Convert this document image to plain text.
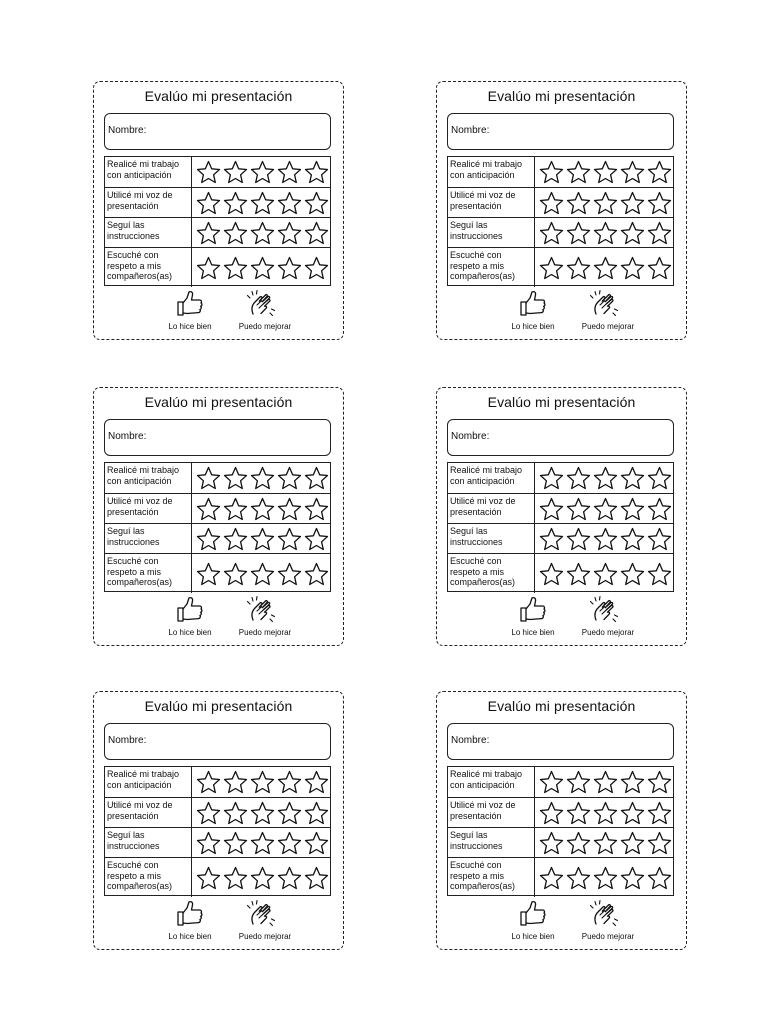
Evalúo mi presentación
Nombre:
Realicé mi trabajo con anticipación
Utilicé mi voz de presentación
Seguí las instrucciones
Escuché con respeto a mis compañeros(as)
Lo hice bien	Puedo mejorar
Evalúo mi presentación
Nombre:
Realicé mi trabajo con anticipación
Utilicé mi voz de presentación
Seguí las instrucciones
Escuché con respeto a mis compañeros(as)
Lo hice bien	Puedo mejorar
Evalúo mi presentación
Nombre:
Realicé mi trabajo con anticipación
Utilicé mi voz de presentación
Seguí las instrucciones
Escuché con respeto a mis compañeros(as)
Lo hice bien	Puedo mejorar
Evalúo mi presentación
Nombre:
Realicé mi trabajo con anticipación
Utilicé mi voz de presentación
Seguí las instrucciones
Escuché con respeto a mis compañeros(as)
Lo hice bien	Puedo mejorar
Evalúo mi presentación
Nombre:
Realicé mi trabajo con anticipación
Utilicé mi voz de presentación
Seguí las instrucciones
Escuché con respeto a mis compañeros(as)
Lo hice bien	Puedo mejorar
Evalúo mi presentación
Nombre:
Realicé mi trabajo con anticipación
Utilicé mi voz de presentación
Seguí las instrucciones
Escuché con respeto a mis compañeros(as)
Lo hice bien	Puedo mejorar
